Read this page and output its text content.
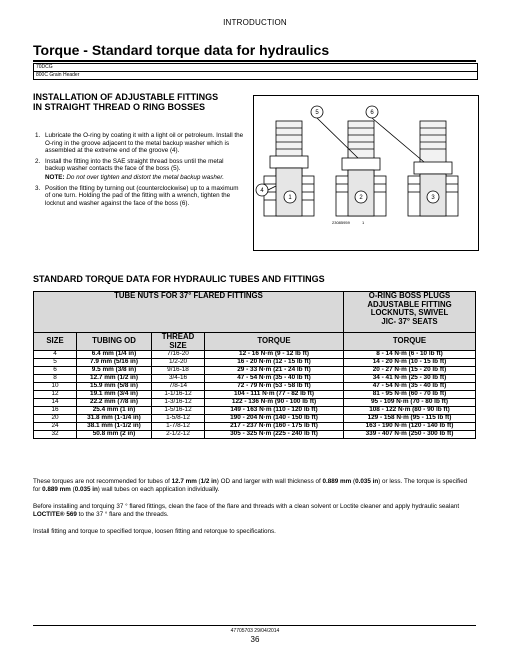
INTRODUCTION
Torque - Standard torque data for hydraulics
70DCG
800C Grain Header
INSTALLATION OF ADJUSTABLE FITTINGS
IN STRAIGHT THREAD O RING BOSSES
1. Lubricate the O-ring by coating it with a light oil or petroleum. Install the O-ring in the groove adjacent to the metal backup washer which is assembled at the extreme end of the groove (4).
2. Install the fitting into the SAE straight thread boss until the metal backup washer contacts the face of the boss (5).
NOTE: Do not over tighten and distort the metal backup washer.
3. Position the fitting by turning out (counterclockwise) up to a maximum of one turn. Holding the pad of the fitting with a wrench, tighten the locknut and washer against the face of the boss (6).
4
1	2	3
5	6
23085959	1
STANDARD TORQUE DATA FOR HYDRAULIC TUBES AND FITTINGS
TUBE NUTS FOR 37° FLARED FITTINGS				O-RING BOSS PLUGS
ADJUSTABLE FITTING
LOCKNUTS, SWIVEL
JIC- 37° SEATS

SIZE	TUBING OD	THREAD SIZE	TORQUE	TORQUE
4	6.4 mm (1/4 in)	7/16-20	12 - 16 N·m (9 - 12 lb ft)	8 - 14 N·m (6 - 10 lb ft)
5	7.9 mm (5/16 in)	1/2-20	16 - 20 N·m (12 - 15 lb ft)	14 - 20 N·m (10 - 15 lb ft)
6	9.5 mm (3/8 in)	9/16-18	29 - 33 N·m (21 - 24 lb ft)	20 - 27 N·m (15 - 20 lb ft)
8	12.7 mm (1/2 in)	3/4-16	47 - 54 N·m (35 - 40 lb ft)	34 - 41 N·m (25 - 30 lb ft)
10	15.9 mm (5/8 in)	7/8-14	72 - 79 N·m (53 - 58 lb ft)	47 - 54 N·m (35 - 40 lb ft)
12	19.1 mm (3/4 in)	1-1/16-12	104 - 111 N·m (77 - 82 lb ft)	81 - 95 N·m (60 - 70 lb ft)
14	22.2 mm (7/8 in)	1-3/16-12	122 - 136 N·m (90 - 100 lb ft)	95 - 109 N·m (70 - 80 lb ft)
16	25.4 mm (1 in)	1-5/16-12	149 - 163 N·m (110 - 120 lb ft)	108 - 122 N·m (80 - 90 lb ft)
20	31.8 mm (1-1/4 in)	1-5/8-12	190 - 204 N·m (140 - 150 lb ft)	129 - 158 N·m (95 - 115 lb ft)
24	38.1 mm (1-1/2 in)	1-7/8-12	217 - 237 N·m (160 - 175 lb ft)	163 - 190 N·m (120 - 140 lb ft)
32	50.8 mm (2 in)	2-1/2-12	305 - 325 N·m (225 - 240 lb ft)	339 - 407 N·m (250 - 300 lb ft)
These torques are not recommended for tubes of 12.7 mm (1/2 in) OD and larger with wall thickness of 0.889 mm (0.035 in) or less. The torque is specified for 0.889 mm (0.035 in) wall tubes on each application individually.
Before installing and torquing 37 ° flared fittings, clean the face of the flare and threads with a clean solvent or Loctite cleaner and apply hydraulic sealant LOCTITE® 569 to the 37 ° flare and the threads.
Install fitting and torque to specified torque, loosen fitting and retorque to specifications.
47705703 29/04/2014
36
